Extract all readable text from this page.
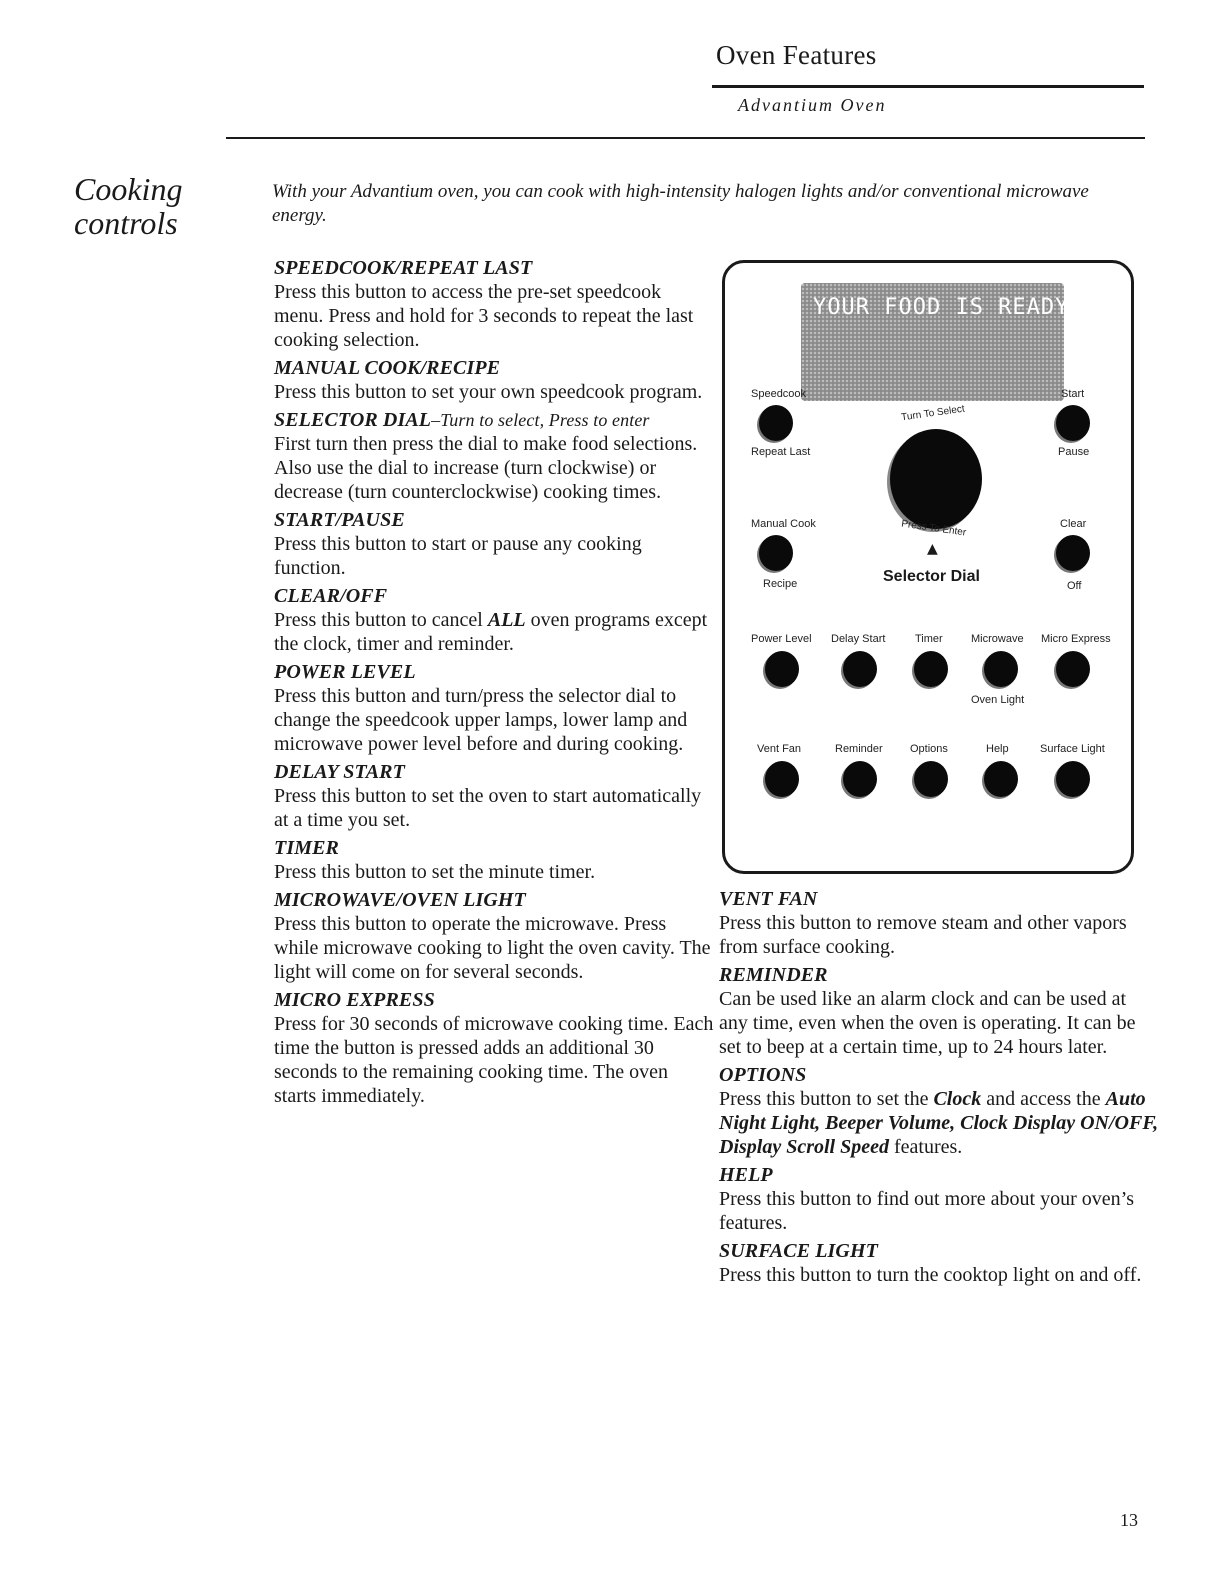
Oven Features
Advantium Oven
Cooking controls
With your Advantium oven, you can cook with high-intensity halogen lights and/or conventional microwave energy.
SPEEDCOOK/REPEAT LAST

Press this button to access the pre-set speedcook menu. Press and hold for 3 seconds to repeat the last cooking selection.

MANUAL COOK/RECIPE

Press this button to set your own speedcook program.

SELECTOR DIAL–Turn to select, Press to enter

First turn then press the dial to make food selections. Also use the dial to increase (turn clockwise) or decrease (turn counterclockwise) cooking times.

START/PAUSE

Press this button to start or pause any cooking function.

CLEAR/OFF

Press this button to cancel ALL oven programs except the clock, timer and reminder.

POWER LEVEL

Press this button and turn/press the selector dial to change the speedcook upper lamps, lower lamp and microwave power level before and during cooking.

DELAY START

Press this button to set the oven to start automatically at a time you set.

TIMER

Press this button to set the minute timer.

MICROWAVE/OVEN LIGHT

Press this button to operate the microwave. Press while microwave cooking to light the oven cavity. The light will come on for several seconds.

MICRO EXPRESS

Press for 30 seconds of microwave cooking time. Each time the button is pressed adds an additional 30 seconds to the remaining cooking time. The oven starts immediately.

YOUR FOOD IS READY
Speedcook
Repeat Last
Start
Pause
Turn To Select
Press To Enter
▲
Selector Dial
Manual Cook
Recipe
Clear
Off
Power Level Delay Start	Timer	Microwave Micro Express
Oven Light
Vent Fan	Reminder Options	Help	Surface Light
VENT FAN

Press this button to remove steam and other vapors from surface cooking.

REMINDER

Can be used like an alarm clock and can be used at any time, even when the oven is operating. It can be set to beep at a certain time, up to 24 hours later.

OPTIONS

Press this button to set the Clock and access the Auto Night Light, Beeper Volume, Clock Display ON/OFF, Display Scroll Speed features.

HELP

Press this button to find out more about your oven’s features.

SURFACE LIGHT

Press this button to turn the cooktop light on and off.

13
